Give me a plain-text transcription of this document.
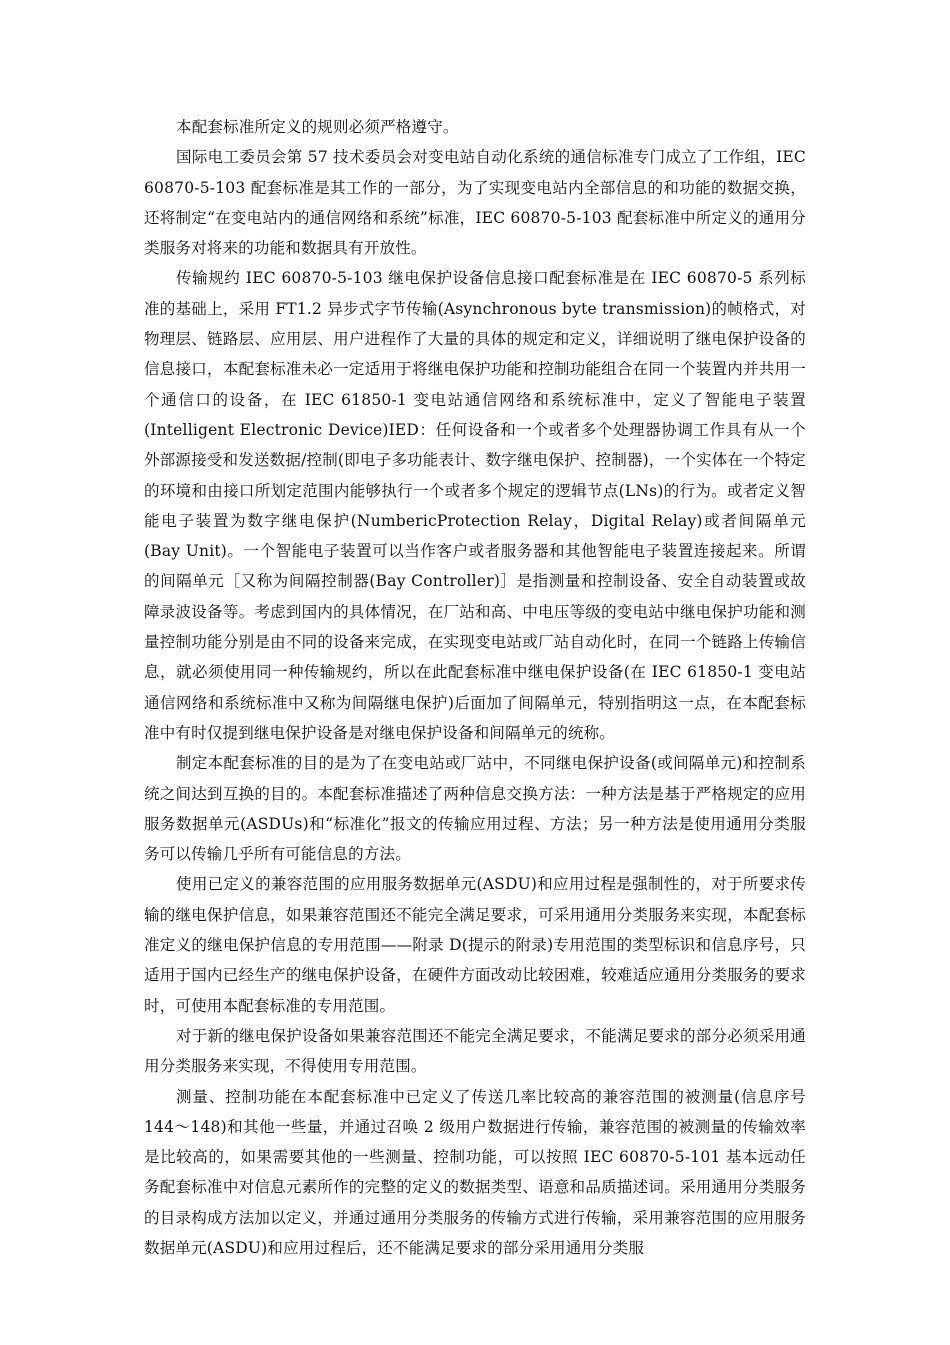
本配套标准所定义的规则必须严格遵守。

国际电工委员会第 57 技术委员会对变电站自动化系统的通信标准专门成立了工作组，IEC 60870-5-103 配套标准是其工作的一部分，为了实现变电站内全部信息的和功能的数据交换，还将制定“在变电站内的通信网络和系统”标准，IEC 60870-5-103 配套标准中所定义的通用分类服务对将来的功能和数据具有开放性。

传输规约 IEC 60870-5-103 继电保护设备信息接口配套标准是在 IEC 60870-5 系列标准的基础上，采用 FT1.2 异步式字节传输(Asynchronous byte transmission)的帧格式，对物理层、链路层、应用层、用户进程作了大量的具体的规定和定义，详细说明了继电保护设备的信息接口，本配套标准未必一定适用于将继电保护功能和控制功能组合在同一个装置内并共用一个通信口的设备，在 IEC 61850-1 变电站通信网络和系统标准中，定义了智能电子装置(Intelligent Electronic Device)IED：任何设备和一个或者多个处理器协调工作具有从一个外部源接受和发送数据/控制(即电子多功能表计、数字继电保护、控制器)，一个实体在一个特定的环境和由接口所划定范围内能够执行一个或者多个规定的逻辑节点(LNs)的行为。或者定义智能电子装置为数字继电保护(NumbericProtection Relay，Digital Relay)或者间隔单元(Bay Unit)。一个智能电子装置可以当作客户或者服务器和其他智能电子装置连接起来。所谓的间隔单元［又称为间隔控制器(Bay Controller)］是指测量和控制设备、安全自动装置或故障录波设备等。考虑到国内的具体情况，在厂站和高、中电压等级的变电站中继电保护功能和测量控制功能分别是由不同的设备来完成，在实现变电站或厂站自动化时，在同一个链路上传输信息，就必须使用同一种传输规约，所以在此配套标准中继电保护设备(在 IEC 61850-1 变电站通信网络和系统标准中又称为间隔继电保护)后面加了间隔单元，特别指明这一点，在本配套标准中有时仅提到继电保护设备是对继电保护设备和间隔单元的统称。

制定本配套标准的目的是为了在变电站或厂站中，不同继电保护设备(或间隔单元)和控制系统之间达到互换的目的。本配套标准描述了两种信息交换方法：一种方法是基于严格规定的应用服务数据单元(ASDUs)和“标准化”报文的传输应用过程、方法；另一种方法是使用通用分类服务可以传输几乎所有可能信息的方法。

使用已定义的兼容范围的应用服务数据单元(ASDU)和应用过程是强制性的，对于所要求传输的继电保护信息，如果兼容范围还不能完全满足要求，可采用通用分类服务来实现，本配套标准定义的继电保护信息的专用范围——附录 D(提示的附录)专用范围的类型标识和信息序号，只适用于国内已经生产的继电保护设备，在硬件方面改动比较困难，较难适应通用分类服务的要求时，可使用本配套标准的专用范围。

对于新的继电保护设备如果兼容范围还不能完全满足要求，不能满足要求的部分必须采用通用分类服务来实现，不得使用专用范围。

测量、控制功能在本配套标准中已定义了传送几率比较高的兼容范围的被测量(信息序号 144～148)和其他一些量，并通过召唤 2 级用户数据进行传输，兼容范围的被测量的传输效率是比较高的，如果需要其他的一些测量、控制功能，可以按照 IEC 60870-5-101 基本远动任务配套标准中对信息元素所作的完整的定义的数据类型、语意和品质描述词。采用通用分类服务的目录构成方法加以定义，并通过通用分类服务的传输方式进行传输，采用兼容范围的应用服务数据单元(ASDU)和应用过程后，还不能满足要求的部分采用通用分类服
